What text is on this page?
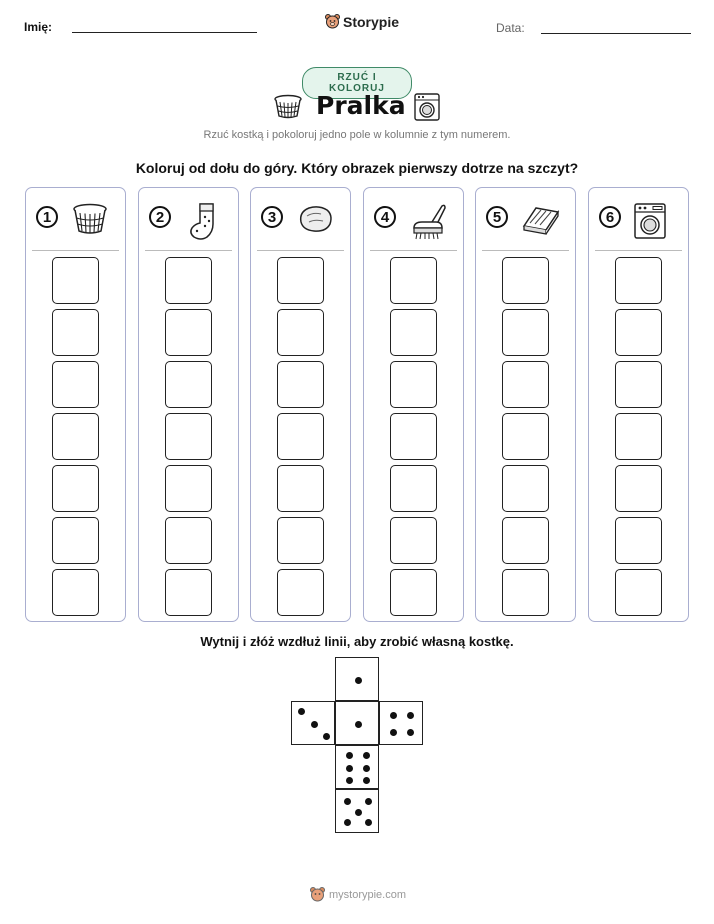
Imię:	Storypie	Data:
RZUĆ I KOLORUJ
Pralka
Rzuć kostką i pokoloruj jedno pole w kolumnie z tym numerem.
Koloruj od dołu do góry. Który obrazek pierwszy dotrze na szczyt?
1	2	3	4	5	6
Wytnij i złóż wzdłuż linii, aby zrobić własną kostkę.
mystorypie.com
